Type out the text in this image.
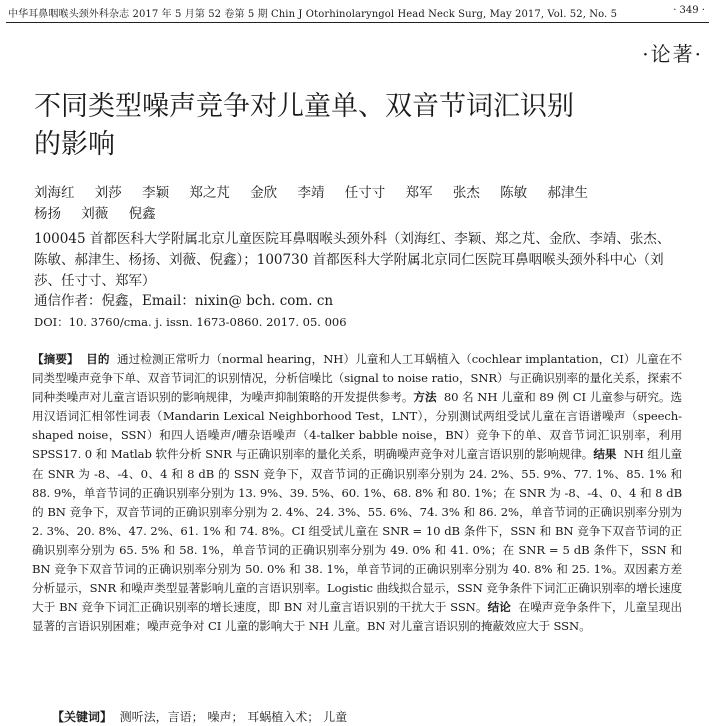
中华耳鼻咽喉头颈外科杂志 2017 年 5 月第 52 卷第 5 期 Chin J Otorhinolaryngol Head Neck Surg, May 2017, Vol. 52, No. 5	· 349 ·
·论著·
不同类型噪声竞争对儿童单、双音节词汇识别的影响
刘海红 刘莎 李颖 郑之芃 金欣 李靖 任寸寸 郑军 张杰 陈敏 郝津生
杨扬 刘薇 倪鑫
100045 首都医科大学附属北京儿童医院耳鼻咽喉头颈外科（刘海红、李颖、郑之芃、金欣、李靖、张杰、陈敏、郝津生、杨扬、刘薇、倪鑫）；100730 首都医科大学附属北京同仁医院耳鼻咽喉头颈外科中心（刘莎、任寸寸、郑军）
通信作者：倪鑫，Email：nixin@ bch. com. cn
DOI：10. 3760/cma. j. issn. 1673-0860. 2017. 05. 006
【摘要】 目的 通过检测正常听力（normal hearing，NH）儿童和人工耳蜗植入（cochlear implantation，CI）儿童在不同类型噪声竞争下单、双音节词汇的识别情况，分析信噪比（signal to noise ratio，SNR）与正确识别率的量化关系，探索不同种类噪声对儿童言语识别的影响规律，为噪声抑制策略的开发提供参考。方法 80 名 NH 儿童和 89 例 CI 儿童参与研究。选用汉语词汇相邻性词表（Mandarin Lexical Neighborhood Test，LNT），分别测试两组受试儿童在言语谱噪声（speech-shaped noise，SSN）和四人语噪声/嘈杂语噪声（4-talker babble noise，BN）竞争下的单、双音节词汇识别率，利用 SPSS17. 0 和 Matlab 软件分析 SNR 与正确识别率的量化关系，明确噪声竞争对儿童言语识别的影响规律。结果 NH 组儿童在 SNR 为 -8、-4、0、4 和 8 dB 的 SSN 竞争下，双音节词的正确识别率分别为 24. 2%、55. 9%、77. 1%、85. 1% 和 88. 9%，单音节词的正确识别率分别为 13. 9%、39. 5%、60. 1%、68. 8% 和 80. 1%；在 SNR 为 -8、-4、0、4 和 8 dB 的 BN 竞争下，双音节词的正确识别率分别为 2. 4%、24. 3%、55. 6%、74. 3% 和 86. 2%，单音节词的正确识别率分别为 2. 3%、20. 8%、47. 2%、61. 1% 和 74. 8%。CI 组受试儿童在 SNR = 10 dB 条件下，SSN 和 BN 竞争下双音节词的正确识别率分别为 65. 5% 和 58. 1%，单音节词的正确识别率分别为 49. 0% 和 41. 0%；在 SNR = 5 dB 条件下，SSN 和 BN 竞争下双音节词的正确识别率分别为 50. 0% 和 38. 1%，单音节词的正确识别率分别为 40. 8% 和 25. 1%。双因素方差分析显示，SNR 和噪声类型显著影响儿童的言语识别率。Logistic 曲线拟合显示，SSN 竞争条件下词汇正确识别率的增长速度大于 BN 竞争下词汇正确识别率的增长速度，即 BN 对儿童言语识别的干扰大于 SSN。结论 在噪声竞争条件下，儿童呈现出显著的言语识别困难；噪声竞争对 CI 儿童的影响大于 NH 儿童。BN 对儿童言语识别的掩蔽效应大于 SSN。
【关键词】 测听法，言语； 噪声； 耳蜗植入术； 儿童
